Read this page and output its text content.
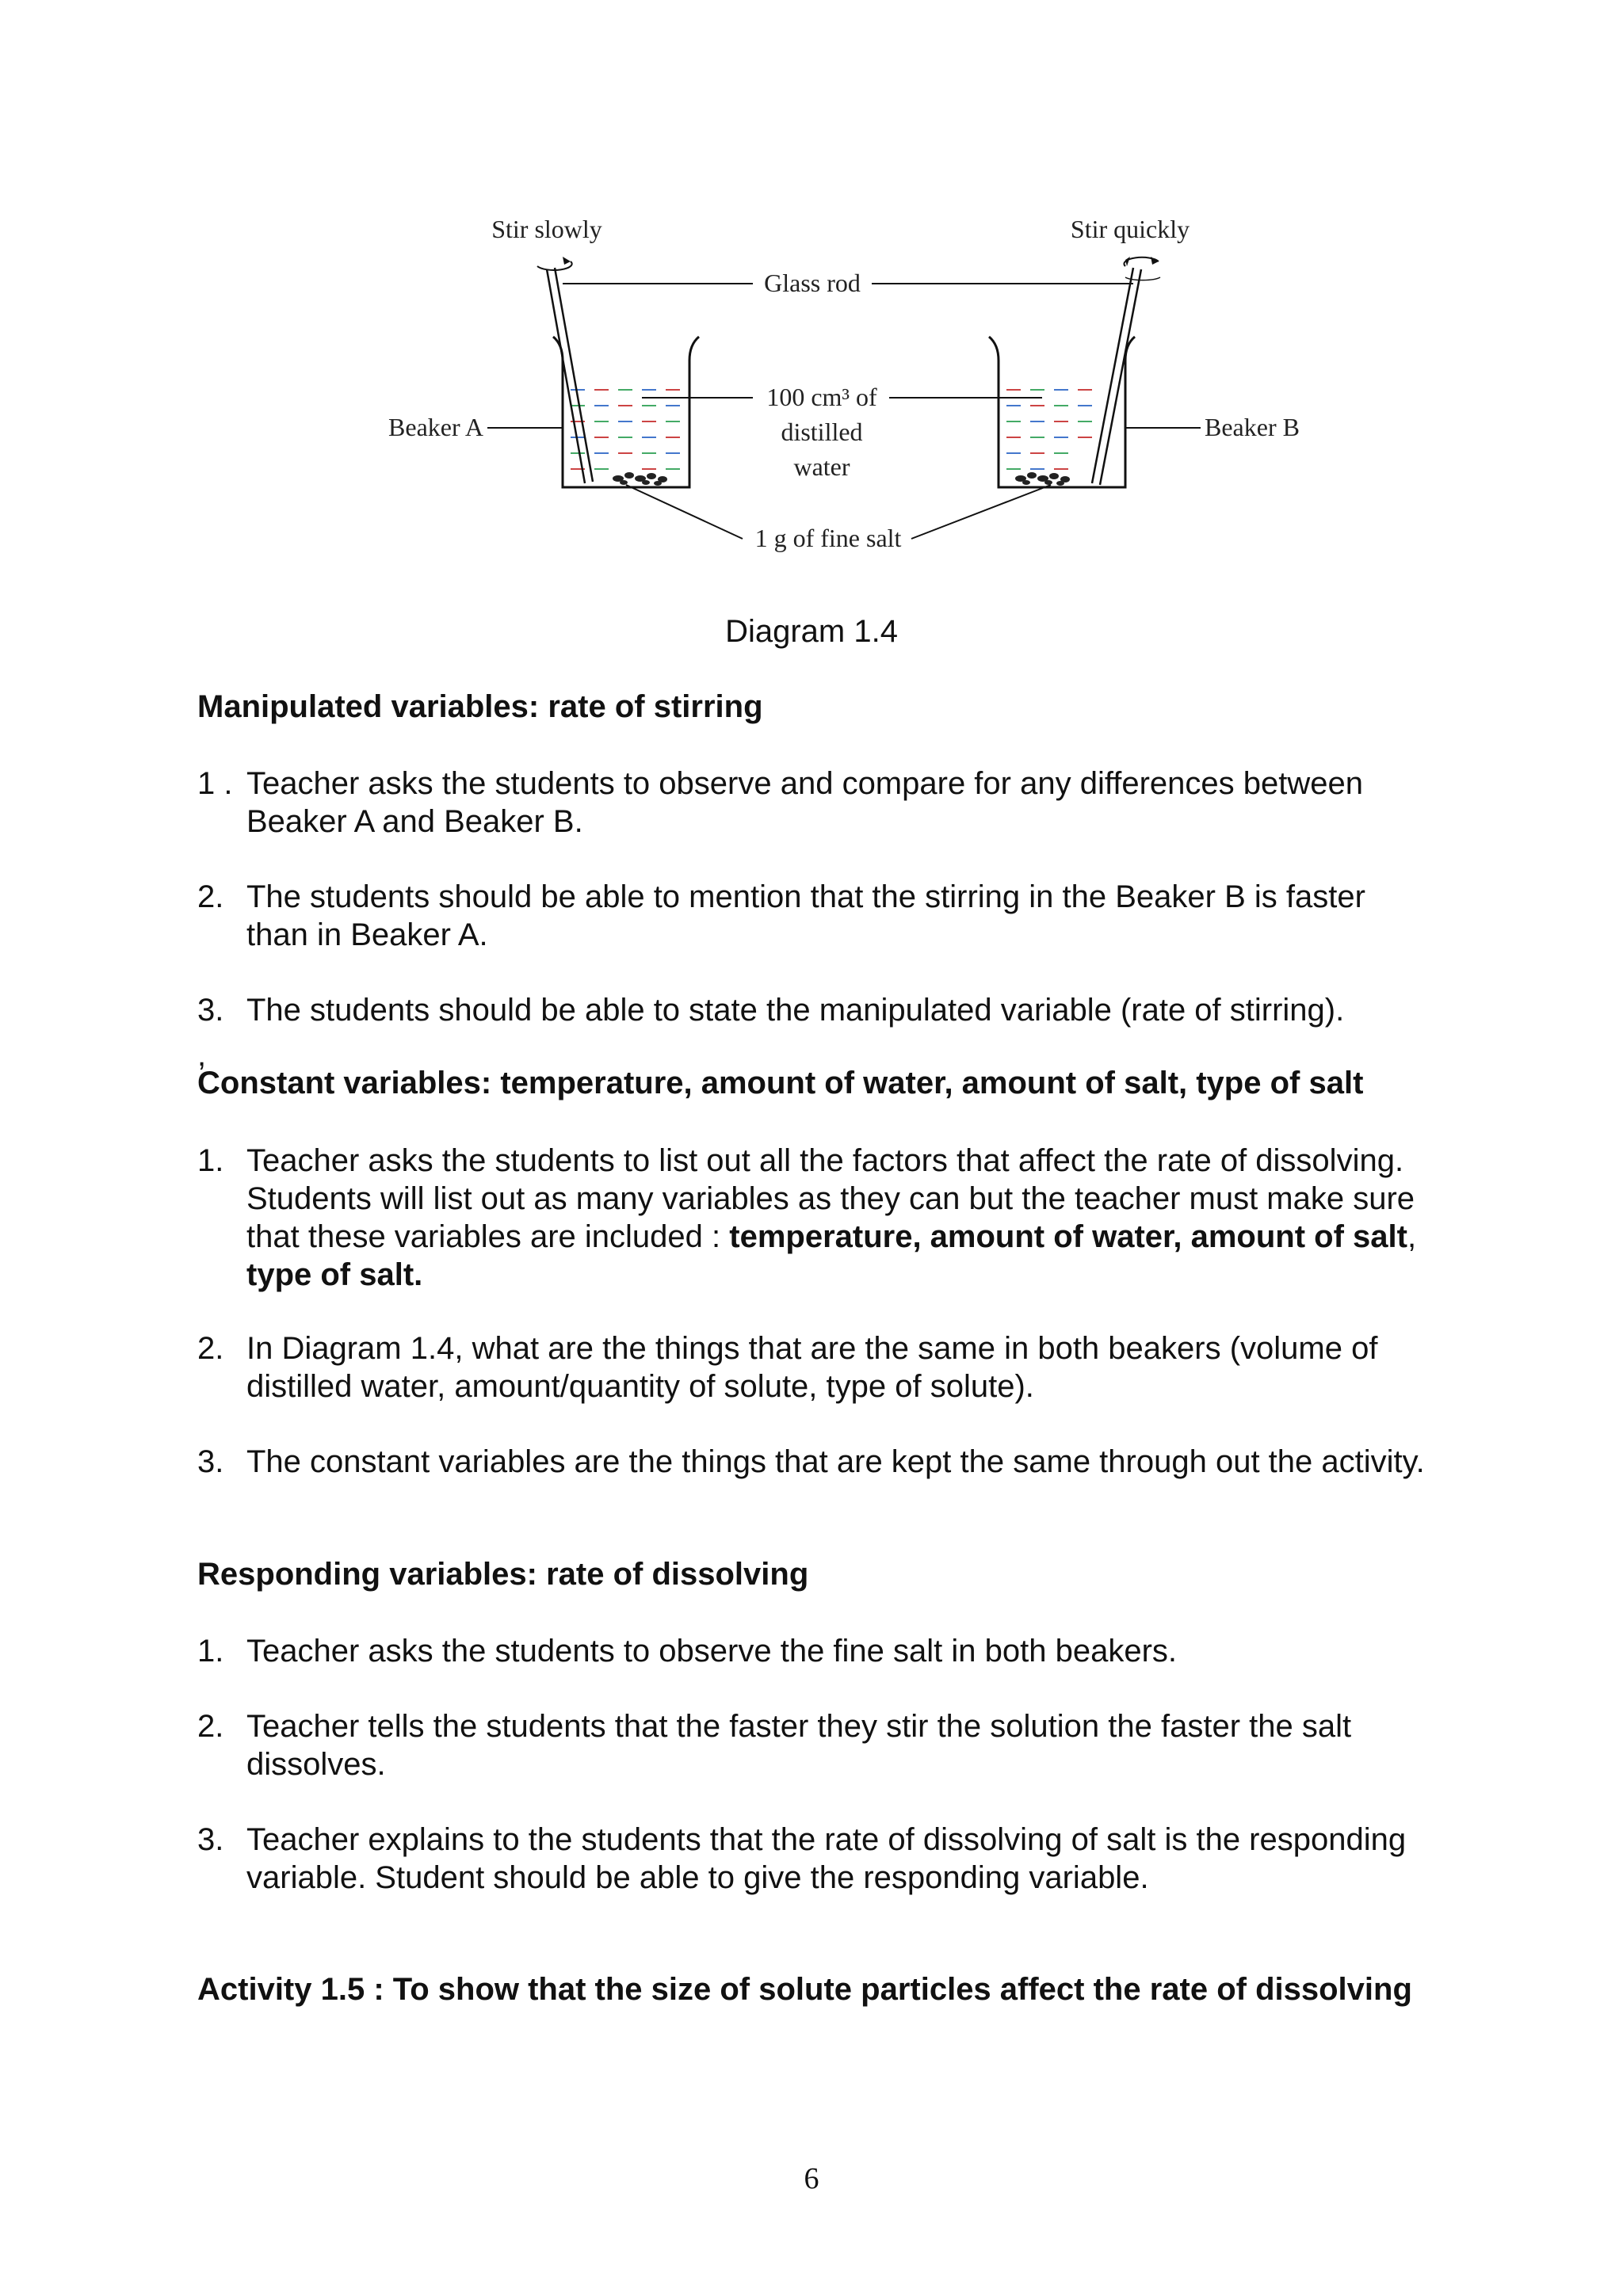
Stir slowly	Stir quickly
Glass rod
Beaker A	Beaker B
100 cm³ of
distilled
water
1 g of fine salt
Diagram 1.4
Manipulated variables: rate of stirring
1 . Teacher asks the students to observe and compare for any differences between Beaker A and Beaker B.
2. The students should be able to mention that the stirring in the Beaker B is faster than in Beaker A.
3. The students should be able to state the manipulated variable (rate of stirring).
,
Constant variables: temperature, amount of water, amount of salt, type of salt
1. Teacher asks the students to list out all the factors that affect the rate of dissolving. Students will list out as many variables as they can but the teacher must make sure that these variables are included : temperature, amount of water, amount of salt, type of salt.
2. In Diagram 1.4, what are the things that are the same in both beakers (volume of distilled water, amount/quantity of solute, type of solute).
3. The constant variables are the things that are kept the same through out the activity.
Responding variables: rate of dissolving
1. Teacher asks the students to observe the fine salt in both beakers.
2. Teacher tells the students that the faster they stir the solution the faster the salt dissolves.
3. Teacher explains to the students that the rate of dissolving of salt is the responding variable. Student should be able to give the responding variable.
Activity 1.5 : To show that the size of solute particles affect the rate of dissolving
6
